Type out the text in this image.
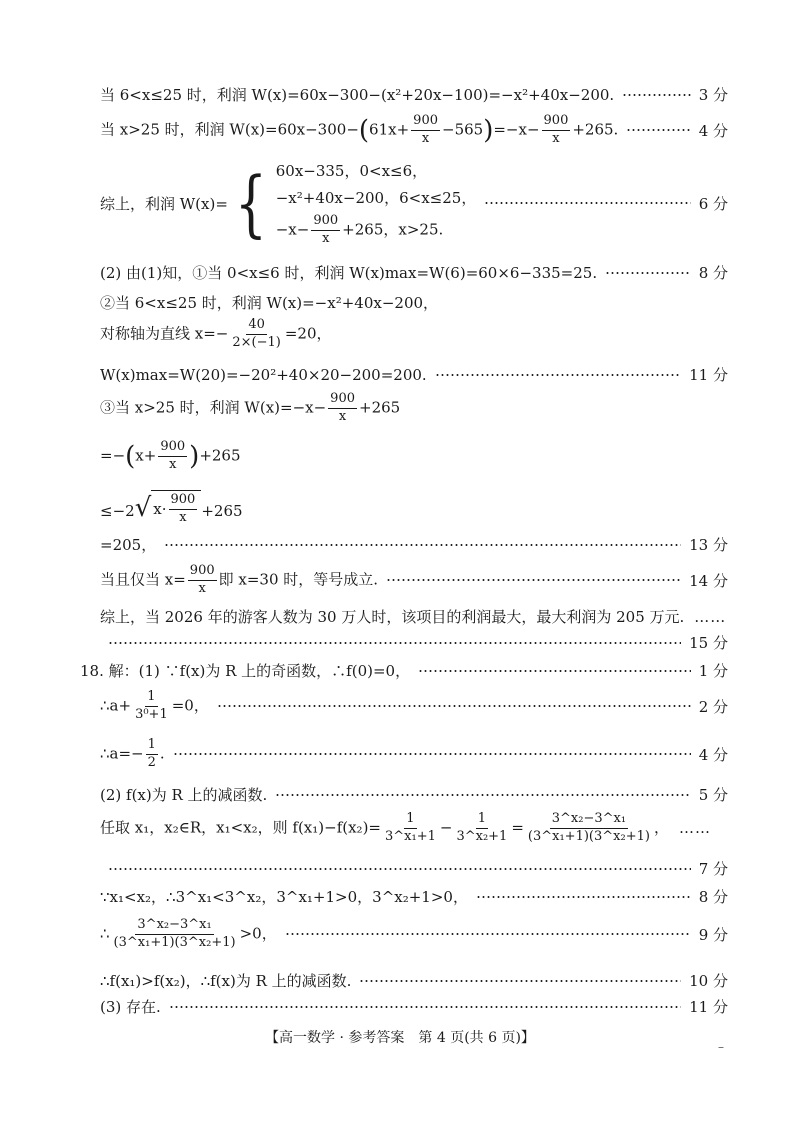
当 6<x≤25 时，利润 W(x)=60x−300−(x²+20x−100)=−x²+40x−200.	3 分
当 x>25 时，利润 $W(x)=60x-300-(61x+ \frac{900}{x} -565)=-x- \frac{900}{x} +265$.	4 分
综上，利润 W(x)= { 60x−335，0<x≤6，
−x²+40x−200，6<x≤25，
$-x- \frac{900}{x} +265$，x>25.
6 分
(2) 由(1)知，①当 0<x≤6 时，利润 W(x)max=W(6)=60×6−335=25.	8 分
②当 6<x≤25 时，利润 W(x)=−x²+40x−200，
对称轴为直线 $x=- \frac{40}{2\times(-1)} =20$，
W(x)max=W(20)=−20²+40×20−200=200.	11 分
③当 x>25 时，利润 $W(x)=-x- \frac{900}{x} +265$
$=-(x+ \frac{900}{x} )+265$
≤−2 √ $x\cdot \frac{900}{x} +265$
=205，	13 分
当且仅当 $x= \frac{900}{x}$ 即 x=30 时，等号成立.	14 分
综上，当 2026 年的游客人数为 30 万人时，该项目的利润最大，最大利润为 205 万元. ……
15 分
18. 解：(1) ∵f(x)为 R 上的奇函数，∴f(0)=0，	1 分
∴a+ $\frac{1}{\text{3⁰+1}} =0$，	2 分
∴a=− $\frac{1}{2}$ .	4 分
(2) f(x)为 R 上的减函数.	5 分
任取 x₁，x₂∈R，x₁<x₂，则 $f(x_1)-f(x_2)= \frac{1}{\text{3\textasciicircum{}x₁+1}} - \frac{1}{\text{3\textasciicircum{}x₂+1}} = \frac{\text{3\textasciicircum{}x₂−3\textasciicircum{}x₁}}{\text{(3\textasciicircum{}x₁+1)(3\textasciicircum{}x₂+1)}}$ ， ……
7 分
∵x₁<x₂，∴3^x₁<3^x₂，3^x₁+1>0，3^x₂+1>0，	8 分
∴ $\frac{\text{3\textasciicircum{}x₂−3\textasciicircum{}x₁}}{\text{(3\textasciicircum{}x₁+1)(3\textasciicircum{}x₂+1)}} >0$，	9 分
∴f(x₁)>f(x₂)，∴f(x)为 R 上的减函数.	10 分
(3) 存在.	11 分
【高一数学 · 参考答案　第 4 页(共 6 页)】
–
